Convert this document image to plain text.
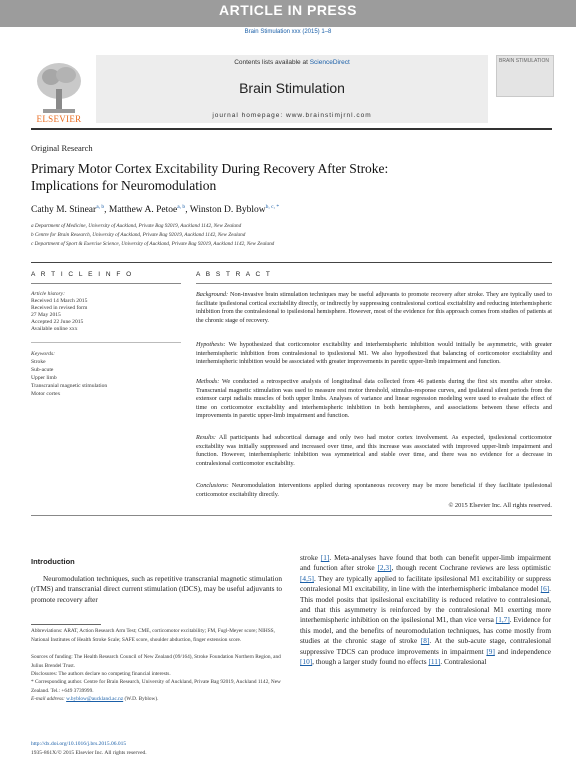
ARTICLE IN PRESS
Brain Stimulation xxx (2015) 1–8
Contents lists available at ScienceDirect
Brain Stimulation
journal homepage: www.brainstimjrnl.com
ELSEVIER
BRAIN STIMULATION
Original Research
Primary Motor Cortex Excitability During Recovery After Stroke: Implications for Neuromodulation
Cathy M. Stinear$^{a, b}$, Matthew A. Petoe$^{a, b}$, Winston D. Byblow$^{b, c, *}$
a Department of Medicine, University of Auckland, Private Bag 92019, Auckland 1142, New Zealand
b Centre for Brain Research, University of Auckland, Private Bag 92019, Auckland 1142, New Zealand
c Department of Sport & Exercise Science, University of Auckland, Private Bag 92019, Auckland 1142, New Zealand
A R T I C L E I N F O	A B S T R A C T
Article history:
Received 14 March 2015
Received in revised form
27 May 2015
Accepted 22 June 2015
Available online xxx
Keywords:
Stroke
Sub-acute
Upper limb
Transcranial magnetic stimulation
Motor cortex
Background: Non-invasive brain stimulation techniques may be useful adjuvants to promote recovery after stroke. They are typically used to facilitate ipsilesional cortical excitability directly, or indirectly by suppressing contralesional cortical excitability and reducing interhemispheric inhibition from the contralesional to ipsilesional hemisphere. However, most of the evidence for this approach comes from studies of patients at the chronic stage of recovery.
Hypothesis: We hypothesized that corticomotor excitability and interhemispheric inhibition would initially be asymmetric, with greater interhemispheric inhibition from contralesional to ipsilesional M1. We also hypothesized that balancing of corticomotor excitability and interhemispheric inhibition would be associated with greater improvements in paretic upper-limb impairment and function.
Methods: We conducted a retrospective analysis of longitudinal data collected from 46 patients during the first six months after stroke. Transcranial magnetic stimulation was used to measure rest motor threshold, stimulus-response curves, and ipsilateral silent periods from the extensor carpi radialis muscles of both upper limbs. Analyses of variance and linear regression modeling were used to evaluate the effect of time on corticomotor excitability and interhemispheric inhibition in both hemispheres, and associations between these effects and improvements in paretic upper-limb impairment and function.
Results: All participants had subcortical damage and only two had motor cortex involvement. As expected, ipsilesional corticomotor excitability was initially suppressed and increased over time, and this increase was associated with improved upper-limb impairment and function. However, interhemispheric inhibition was symmetrical and stable over time, and there was no evidence for a decrease in contralesional corticomotor excitability.
Conclusions: Neuromodulation interventions applied during spontaneous recovery may be more beneficial if they facilitate ipsilesional corticomotor excitability directly.
© 2015 Elsevier Inc. All rights reserved.
Introduction
Neuromodulation techniques, such as repetitive transcranial magnetic stimulation (rTMS) and transcranial direct current stimulation (tDCS), may be useful adjuvants to promote recovery after
Abbreviations: ARAT, Action Research Arm Test; CME, corticomotor excitability; FM, Fugl-Meyer score; NIHSS, National Institutes of Health Stroke Scale; SAFE score, shoulder abduction, finger extension score.
Sources of funding: The Health Research Council of New Zealand (09/164), Stroke Foundation Northern Region, and Julius Brendel Trust.
Disclosures: The authors declare no competing financial interests.
* Corresponding author. Centre for Brain Research, University of Auckland, Private Bag 92019, Auckland 1142, New Zealand. Tel.: +649 3739999.
E-mail address: w.byblow@auckland.ac.nz (W.D. Byblow).
http://dx.doi.org/10.1016/j.brs.2015.06.015
1935-861X/© 2015 Elsevier Inc. All rights reserved.
stroke [1]. Meta-analyses have found that both can benefit upper-limb impairment and function after stroke [2,3], though recent Cochrane reviews are less optimistic [4,5]. They are typically applied to facilitate ipsilesional M1 excitability or suppress contralesional M1 excitability, in line with the interhemispheric imbalance model [6]. This model posits that ipsilesional excitability is reduced relative to contralesional, and that this asymmetry is reinforced by the contralesional M1 exerting more interhemispheric inhibition on the ipsilesional M1, than vice versa [1,7]. Evidence for this model, and the benefits of neuromodulation techniques, has come mostly from studies at the chronic stage of stroke [8]. At the sub-acute stage, contralesional suppressive TDCS can produce improvements in impairment [9] and independence [10], though a larger study found no effects [11]. Contralesional
